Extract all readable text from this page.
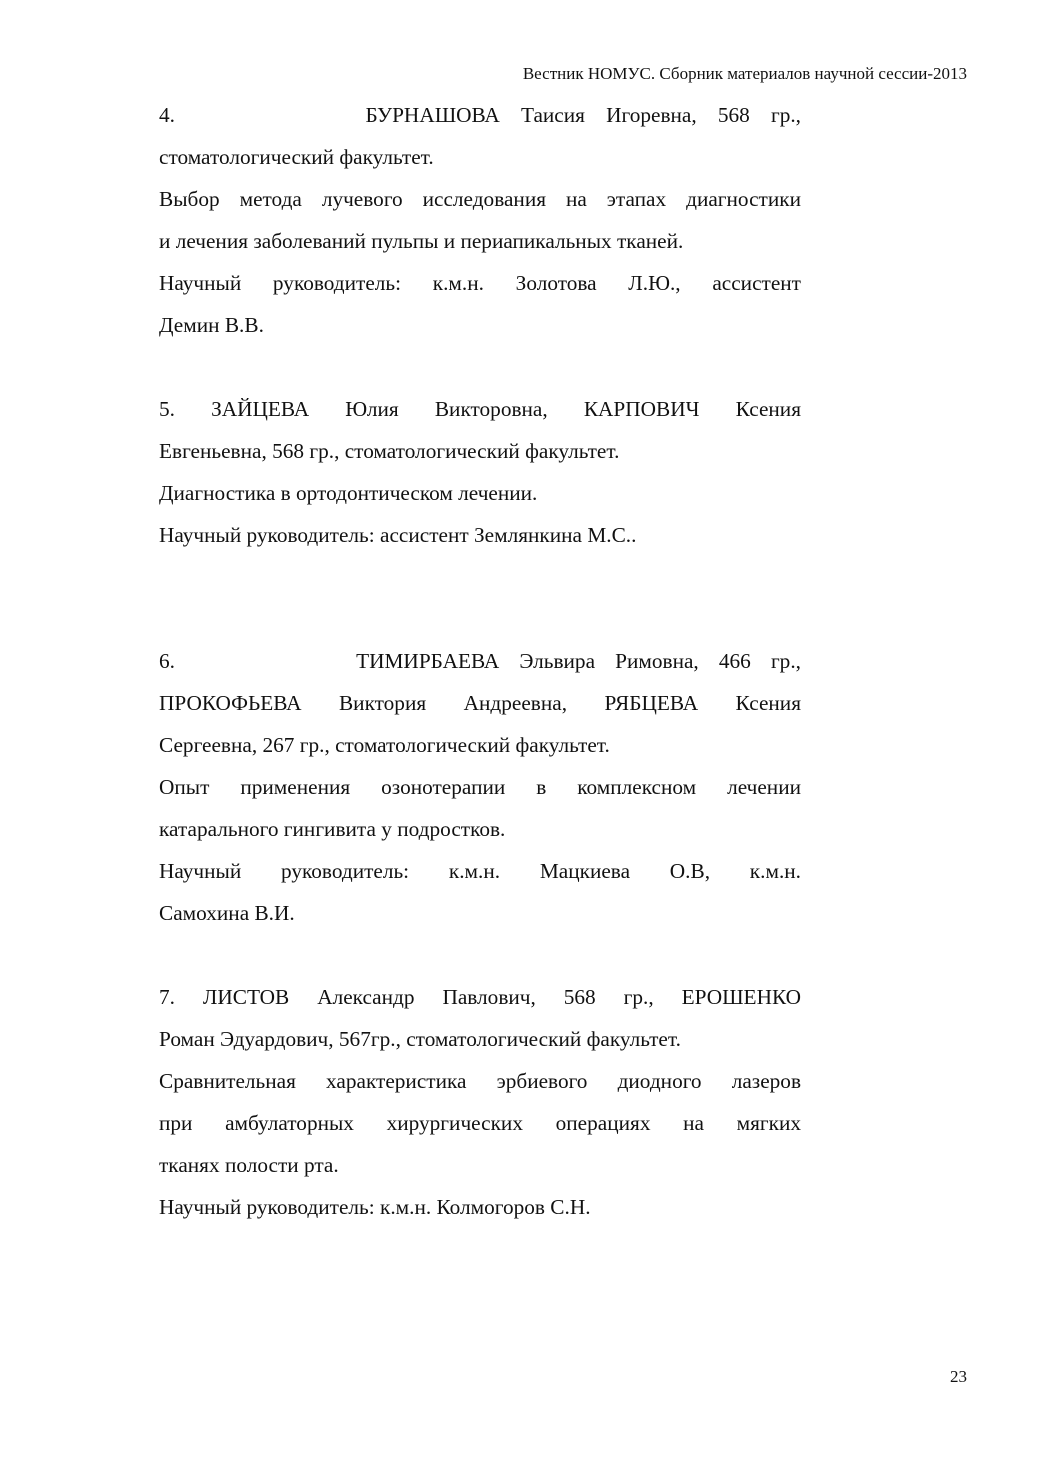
Вестник НОМУС. Сборник материалов научной сессии-2013

4.	БУРНАШОВА Таисия Игоревна, 568 гр.,

стоматологический факультет.

Выбор метода лучевого исследования на этапах диагностики

и лечения заболеваний пульпы и периапикальных тканей.

Научный руководитель: к.м.н. Золотова Л.Ю., ассистент

Демин В.В.

5. ЗАЙЦЕВА Юлия Викторовна, КАРПОВИЧ Ксения

Евгеньевна, 568 гр., стоматологический факультет.

Диагностика в ортодонтическом лечении.

Научный руководитель: ассистент Землянкина М.С..

6.	ТИМИРБАЕВА Эльвира Римовна, 466 гр.,

ПРОКОФЬЕВА Виктория Андреевна, РЯБЦЕВА Ксения

Сергеевна, 267 гр., стоматологический факультет.

Опыт применения озонотерапии в комплексном лечении

катарального гингивита у подростков.

Научный руководитель: к.м.н. Мацкиева О.В, к.м.н.

Самохина В.И.

7. ЛИСТОВ Александр Павлович, 568 гр., ЕРОШЕНКО

Роман Эдуардович, 567гр., стоматологический факультет.

Сравнительная характеристика эрбиевого диодного лазеров

при амбулаторных хирургических операциях на мягких

тканях полости рта.

Научный руководитель: к.м.н. Колмогоров С.Н.

23
